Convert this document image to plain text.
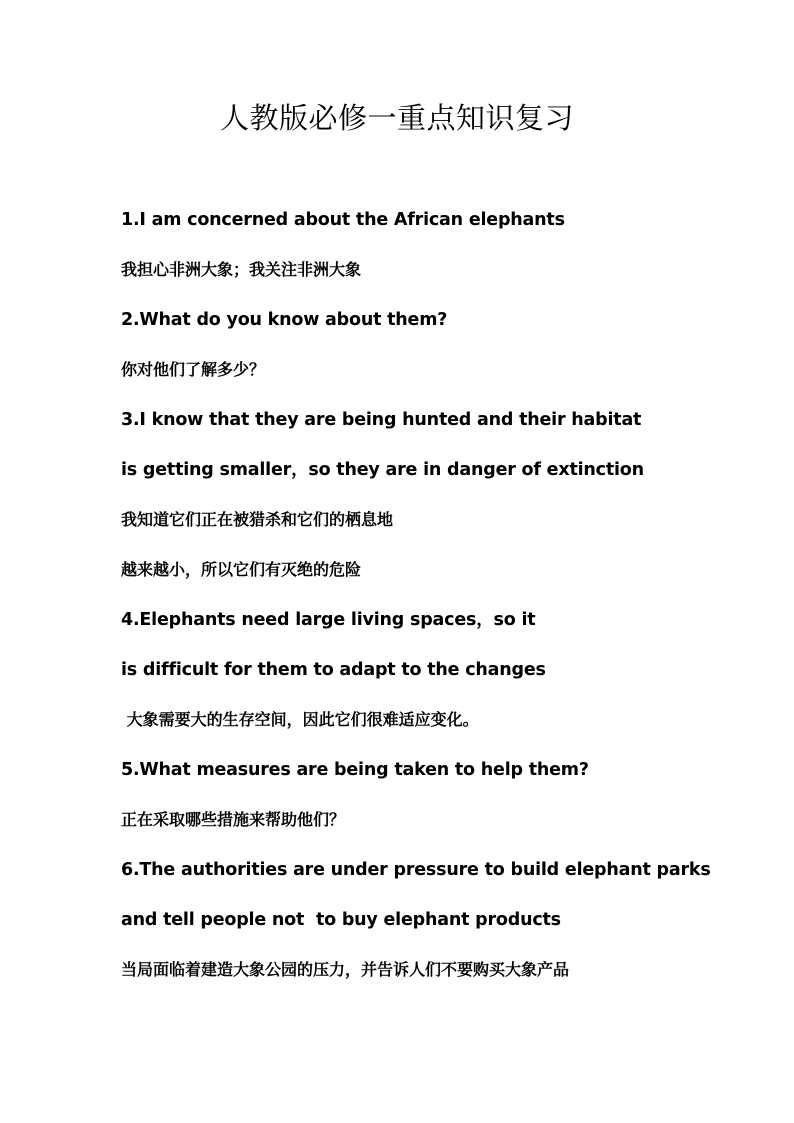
人教版必修一重点知识复习
1.I am concerned about the African elephants
我担心非洲大象；我关注非洲大象
2.What do you know about them?
你对他们了解多少？
3.I know that they are being hunted and their habitat
is getting smaller，so they are in danger of extinction
我知道它们正在被猎杀和它们的栖息地
越来越小，所以它们有灭绝的危险
4.Elephants need large living spaces，so it
is difficult for them to adapt to the changes
大象需要大的生存空间，因此它们很难适应变化。
5.What measures are being taken to help them?
正在采取哪些措施来帮助他们？
6.The authorities are under pressure to build elephant parks
and tell people not  to buy elephant products
当局面临着建造大象公园的压力，并告诉人们不要购买大象产品
